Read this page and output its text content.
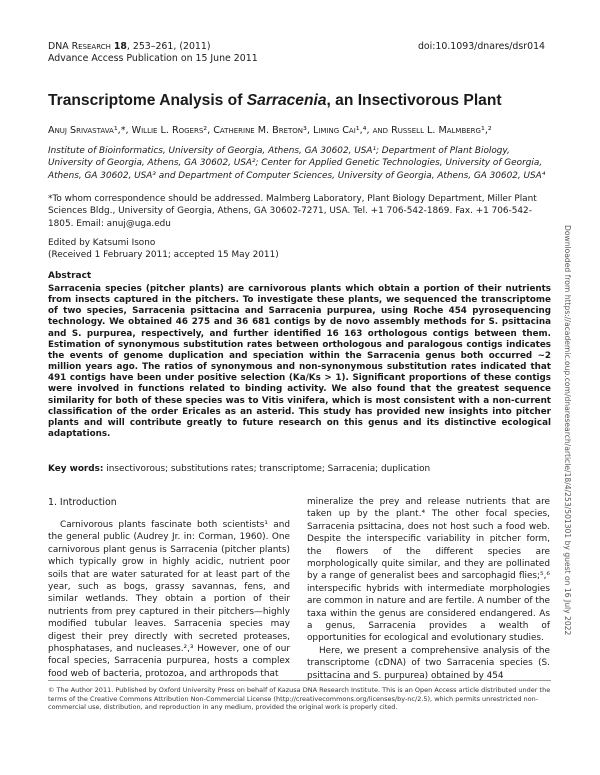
DNA Research 18, 253–261, (2011)
Advance Access Publication on 15 June 2011
doi:10.1093/dnares/dsr014
Transcriptome Analysis of Sarracenia, an Insectivorous Plant
Anuj Srivastava¹,*, Willie L. Rogers², Catherine M. Breton³, Liming Cai¹,⁴, and Russell L. Malmberg¹,²
Institute of Bioinformatics, University of Georgia, Athens, GA 30602, USA¹; Department of Plant Biology, University of Georgia, Athens, GA 30602, USA²; Center for Applied Genetic Technologies, University of Georgia, Athens, GA 30602, USA³ and Department of Computer Sciences, University of Georgia, Athens, GA 30602, USA⁴
*To whom correspondence should be addressed. Malmberg Laboratory, Plant Biology Department, Miller Plant Sciences Bldg., University of Georgia, Athens, GA 30602-7271, USA. Tel. +1 706-542-1869. Fax. +1 706-542-1805. Email: anuj@uga.edu
Edited by Katsumi Isono
(Received 1 February 2011; accepted 15 May 2011)
Abstract
Sarracenia species (pitcher plants) are carnivorous plants which obtain a portion of their nutrients from insects captured in the pitchers. To investigate these plants, we sequenced the transcriptome of two species, Sarracenia psittacina and Sarracenia purpurea, using Roche 454 pyrosequencing technology. We obtained 46 275 and 36 681 contigs by de novo assembly methods for S. psittacina and S. purpurea, respectively, and further identified 16 163 orthologous contigs between them. Estimation of synonymous substitution rates between orthologous and paralogous contigs indicates the events of genome duplication and speciation within the Sarracenia genus both occurred ~2 million years ago. The ratios of synonymous and non-synonymous substitution rates indicated that 491 contigs have been under positive selection (Ka/Ks > 1). Significant proportions of these contigs were involved in functions related to binding activity. We also found that the greatest sequence similarity for both of these species was to Vitis vinifera, which is most consistent with a non-current classification of the order Ericales as an asterid. This study has provided new insights into pitcher plants and will contribute greatly to future research on this genus and its distinctive ecological adaptations.
Key words: insectivorous; substitutions rates; transcriptome; Sarracenia; duplication
1. Introduction

Carnivorous plants fascinate both scientists¹ and the general public (Audrey Jr. in: Corman, 1960). One carnivorous plant genus is Sarracenia (pitcher plants) which typically grow in highly acidic, nutrient poor soils that are water saturated for at least part of the year, such as bogs, grassy savannas, fens, and similar wetlands. They obtain a portion of their nutrients from prey captured in their pitchers—highly modified tubular leaves. Sarracenia species may digest their prey directly with secreted proteases, phosphatases, and nucleases.²,³ However, one of our focal species, Sarracenia purpurea, hosts a complex food web of bacteria, protozoa, and arthropods that

mineralize the prey and release nutrients that are taken up by the plant.⁴ The other focal species, Sarracenia psittacina, does not host such a food web. Despite the interspecific variability in pitcher form, the flowers of the different species are morphologically quite similar, and they are pollinated by a range of generalist bees and sarcophagid flies;⁵,⁶ interspecific hybrids with intermediate morphologies are common in nature and are fertile. A number of the taxa within the genus are considered endangered. As a genus, Sarracenia provides a wealth of opportunities for ecological and evolutionary studies.

Here, we present a comprehensive analysis of the transcriptome (cDNA) of two Sarracenia species (S. psittacina and S. purpurea) obtained by 454

© The Author 2011. Published by Oxford University Press on behalf of Kazusa DNA Research Institute. This is an Open Access article distributed under the terms of the Creative Commons Attribution Non-Commercial License (http://creativecommons.org/licenses/by-nc/2.5), which permits unrestricted non-commercial use, distribution, and reproduction in any medium, provided the original work is properly cited.
Downloaded from https://academic.oup.com/dnaresearch/article/18/4/253/501301 by guest on 16 July 2022
